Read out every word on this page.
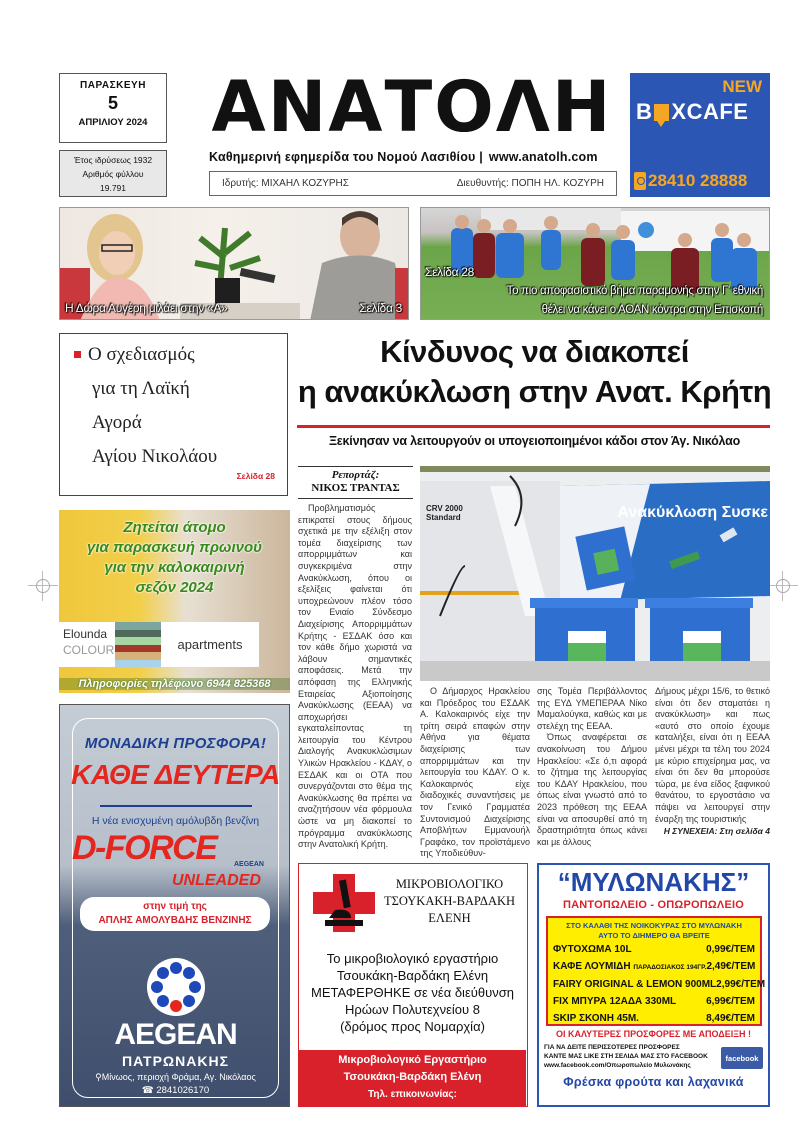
ΠΑΡΑΣΚΕΥΗ
5
ΑΠΡΙΛΙΟΥ 2024
Έτος ιδρύσεως 1932
Αριθμός φύλλου
19.791
ΑΝΑΤΟΛΗ
Καθημερινή εφημερίδα του Νομού Λασιθίου | www.anatolh.com
Ιδρυτής: ΜΙΧΑΗΛ ΚΟΖΥΡΗΣ	Διευθυντής: ΠΟΠΗ ΗΛ. ΚΟΖΥΡΗ
NEW
B XCAFE
28410 28888
Η Δώρα Αυγέρη μιλάει στην «Α»	Σελίδα 3
Το πιο αποφασιστικό βήμα παραμονής στην Γ' εθνική
θέλει να κάνει ο ΑΟΑΝ κόντρα στην Επισκοπή
Σελίδα 28
Ο σχεδιασμός
για τη Λαϊκή
Αγορά
Αγίου Νικολάου
Σελίδα 28
Κίνδυνος να διακοπεί
η ανακύκλωση στην Ανατ. Κρήτη
Ξεκίνησαν να λειτουργούν οι υπογειοποιημένοι κάδοι στον Άγ. Νικόλαο
Ρεπορτάζ:
ΝΙΚΟΣ ΤΡΑΝΤΑΣ

Προβληματισμός επικρατεί στους δήμους σχετικά με την εξέλιξη στον τομέα διαχείρισης των απορριμμάτων και συγκεκριμένα στην Ανακύκλωση, όπου οι εξελίξεις φαίνεται ότι υποχρεώνουν πλέον τόσο τον Ενιαίο Σύνδεσμο Διαχείρισης Απορριμμάτων Κρήτης - ΕΣΔΑΚ όσο και τον κάθε δήμο χωριστά να λάβουν σημαντικές αποφάσεις. Μετά την απόφαση της Ελληνικής Εταιρείας Αξιοποίησης Ανακύκλωσης (ΕΕΑΑ) να αποχωρήσει εγκαταλείποντας τη λειτουργία του Κέντρου Διαλογής Ανακυκλώσιμων Υλικών Ηρακλείου - ΚΔΑΥ, ο ΕΣΔΑΚ και οι ΟΤΑ που συνεργάζονται στο θέμα της Ανακύκλωσης θα πρέπει να αναζητήσουν νέα φόρμουλα ώστε να μη διακοπεί το πρόγραμμα ανακύκλωσης στην Ανατολική Κρήτη.

Ο Δήμαρχος Ηρακλείου και Πρόεδρος του ΕΣΔΑΚ Α. Καλοκαιρινός είχε την τρίτη σειρά επαφών στην Αθήνα για θέματα διαχείρισης των απορριμμάτων και την λειτουργία του ΚΔΑΥ. Ο κ. Καλοκαιρινός είχε διαδοχικές συναντήσεις με τον Γενικό Γραμματέα Συντονισμού Διαχείρισης Αποβλήτων Εμμανουήλ Γραφάκο, τον προϊστάμενο της Υποδιεύθυν-

σης Τομέα Περιβάλλοντος της ΕΥΔ ΥΜΕΠΕΡΑΑ Νίκο Μαμαλούγκα, καθώς και με στελέχη της ΕΕΑΑ.

Όπως αναφέρεται σε ανακοίνωση του Δήμου Ηρακλείου: «Σε ό,τι αφορά το ζήτημα της λειτουργίας του ΚΔΑΥ Ηρακλείου, που όπως είναι γνωστό από το 2023 πρόθεση της ΕΕΑΑ είναι να αποσυρθεί από τη δραστηριότητα όπως κάνει και με άλλους

Δήμους μέχρι 15/6, το θετικό είναι ότι δεν σταματάει η ανακύκλωση» και πως «αυτό στο οποίο έχουμε καταλήξει, είναι ότι η ΕΕΑΑ μένει μέχρι τα τέλη του 2024 με κύριο επιχείρημα μας, να είναι ότι δεν θα μπορούσε τώρα, με ένα είδος ξαφνικού θανάτου, το εργοστάσιο να πάψει να λειτουργεί στην έναρξη της τουριστικής
Η ΣΥΝΕΧΕΙΑ: Στη σελίδα 4
CRV 2000
Standard	Ανακύκλωση Συσκε
Ζητείται άτομο
για παρασκευή πρωινού
για την καλοκαιρινή
σεζόν 2024
Elounda
COLOUR	apartments
Πληροφορίες τηλέφωνο 6944 825368
ΜΟΝΑΔΙΚΗ ΠΡΟΣΦΟΡΑ!
ΚΑΘΕ ΔΕΥΤΕΡΑ
Η νέα ενισχυμένη αμόλυβδη βενζίνη
D-FORCE	AEGEAN
UNLEADED
στην τιμή της
ΑΠΛΗΣ ΑΜΟΛΥΒΔΗΣ ΒΕΝΖΙΝΗΣ
AEGEAN
ΠΑΤΡΩΝΑΚΗΣ
⚲Μίνωος, περιοχή Φράμα, Αγ. Νικόλαος
☎ 2841026170
ΜΙΚΡΟΒΙΟΛΟΓΙΚΟ
ΤΣΟΥΚΑΚΗ-ΒΑΡΔΑΚΗ
ΕΛΕΝΗ
Το μικροβιολογικό εργαστήριο
Τσουκάκη-Βαρδάκη Ελένη
ΜΕΤΑΦΕΡΘΗΚΕ σε νέα διεύθυνση
Ηρώων Πολυτεχνείου 8
(δρόμος προς Νομαρχία)
Μικροβιολογικό Εργαστήριο
Τσουκάκη-Βαρδάκη Ελένη
Τηλ. επικοινωνίας:
“ΜΥΛΩΝΑΚΗΣ”
ΠΑΝΤΟΠΩΛΕΙΟ - ΟΠΩΡΟΠΩΛΕΙΟ
ΣΤΟ ΚΑΛΑΘΙ ΤΗΣ ΝΟΙΚΟΚΥΡΑΣ ΣΤΟ ΜΥΛΩΝΑΚΗ
ΑΥΤΟ ΤΟ ΔΙΗΜΕΡΟ ΘΑ ΒΡΕΙΤΕ
ΦΥΤΟΧΩΜΑ 10L	0,99€/ΤΕΜ
ΚΑΦΕ ΛΟΥΜΙΔΗ ΠΑΡΑΔΟΣΙΑΚΟΣ 194ΓΡ. 2,49€/ΤΕΜ
FAIRY ORIGINAL & LEMON 900ML 2,99€/ΤΕΜ
FIX ΜΠΥΡΑ 12ΑΔΑ 330ML	6,99€/ΤΕΜ
SKIP ΣΚΟΝΗ 45Μ.	8,49€/ΤΕΜ
ΟΙ ΚΑΛΥΤΕΡΕΣ ΠΡΟΣΦΟΡΕΣ ΜΕ ΑΠΟΔΕΙΞΗ !
ΓΙΑ ΝΑ ΔΕΙΤΕ ΠΕΡΙΣΣΟΤΕΡΕΣ ΠΡΟΣΦΟΡΕΣ
ΚΑΝΤΕ ΜΑΣ LIKE ΣΤΗ ΣΕΛΙΔΑ ΜΑΣ ΣΤΟ FACEBOOK
www.facebook.com/Οπωροπωλείο Μυλωνάκης
facebook
Φρέσκα φρούτα και λαχανικά
